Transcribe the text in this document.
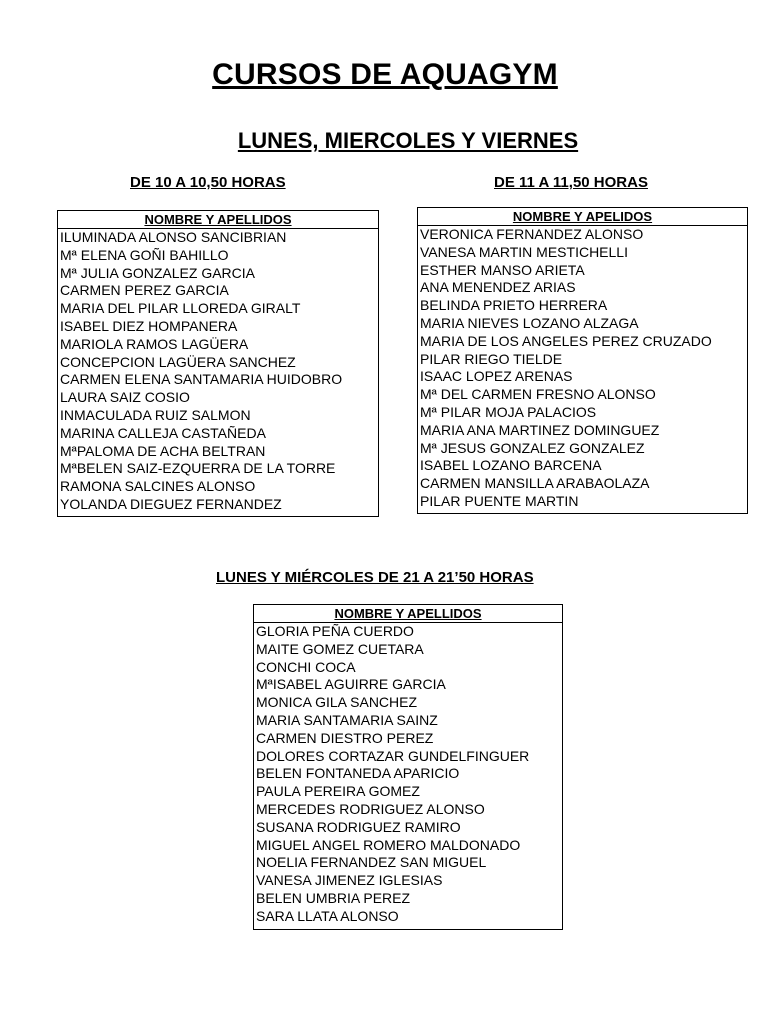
CURSOS DE AQUAGYM
LUNES, MIERCOLES Y VIERNES
DE 10 A 10,50 HORAS	DE 11 A 11,50 HORAS
LUNES Y MIÉRCOLES DE 21 A 21’50 HORAS
NOMBRE Y APELLIDOS
ILUMINADA ALONSO SANCIBRIAN
Mª ELENA GOÑI BAHILLO
Mª JULIA GONZALEZ GARCIA
CARMEN PEREZ GARCIA
MARIA DEL PILAR LLOREDA GIRALT
ISABEL DIEZ HOMPANERA
MARIOLA RAMOS LAGÜERA
CONCEPCION LAGÜERA SANCHEZ
CARMEN ELENA SANTAMARIA HUIDOBRO
LAURA SAIZ COSIO
INMACULADA RUIZ SALMON
MARINA CALLEJA CASTAÑEDA
MªPALOMA DE ACHA BELTRAN
MªBELEN SAIZ-EZQUERRA DE LA TORRE
RAMONA SALCINES ALONSO
YOLANDA DIEGUEZ FERNANDEZ
NOMBRE Y APELIDOS
VERONICA FERNANDEZ ALONSO
VANESA MARTIN MESTICHELLI
ESTHER MANSO ARIETA
ANA MENENDEZ ARIAS
BELINDA PRIETO HERRERA
MARIA NIEVES LOZANO ALZAGA
MARIA DE LOS ANGELES PEREZ CRUZADO
PILAR RIEGO TIELDE
ISAAC LOPEZ ARENAS
Mª DEL CARMEN FRESNO ALONSO
Mª PILAR MOJA PALACIOS
MARIA ANA MARTINEZ DOMINGUEZ
Mª JESUS GONZALEZ GONZALEZ
ISABEL LOZANO BARCENA
CARMEN MANSILLA ARABAOLAZA
PILAR PUENTE MARTIN
NOMBRE Y APELLIDOS
GLORIA PEÑA CUERDO
MAITE GOMEZ CUETARA
CONCHI COCA
MªISABEL AGUIRRE GARCIA
MONICA GILA SANCHEZ
MARIA SANTAMARIA SAINZ
CARMEN DIESTRO PEREZ
DOLORES CORTAZAR GUNDELFINGUER
BELEN FONTANEDA APARICIO
PAULA PEREIRA GOMEZ
MERCEDES RODRIGUEZ ALONSO
SUSANA RODRIGUEZ RAMIRO
MIGUEL ANGEL ROMERO MALDONADO
NOELIA FERNANDEZ SAN MIGUEL
VANESA JIMENEZ IGLESIAS
BELEN UMBRIA PEREZ
SARA LLATA ALONSO
